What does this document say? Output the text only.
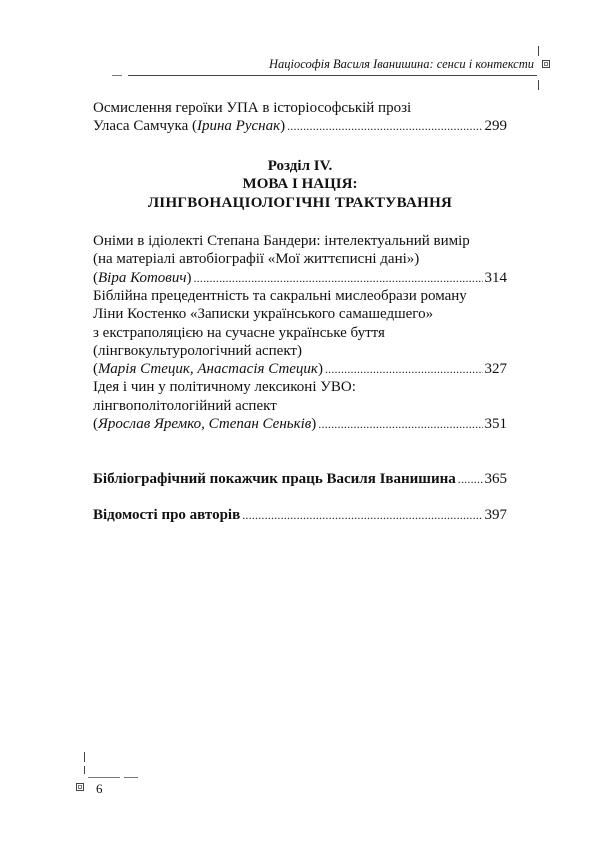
Націософія Василя Іванишина: сенси і контексти
Осмислення героїки УПА в історіософській прозі
Уласа Самчука (Ірина Руснак) .....	299
Розділ IV.
МОВА І НАЦІЯ:
ЛІНГВОНАЦІОЛОГІЧНІ ТРАКТУВАННЯ
Оніми в ідіолекті Степана Бандери: інтелектуальний вимір
(на матеріалі автобіографії «Мої життєписні дані»)
(Віра Котович) .....	314
Біблійна прецедентність та сакральні мислеобрази роману
Ліни Костенко «Записки українського самашедшего»
з екстраполяцією на сучасне українське буття
(лінгвокультурологічний аспект)
(Марія Стецик, Анастасія Стецик) .....	327
Ідея і чин у політичному лексиконі УВО:
лінгвополітологійний аспект
(Ярослав Яремко, Степан Сеньків) .....	351
Бібліографічний покажчик праць Василя Іванишина ..... 365
Відомості про авторів .....	397
6
